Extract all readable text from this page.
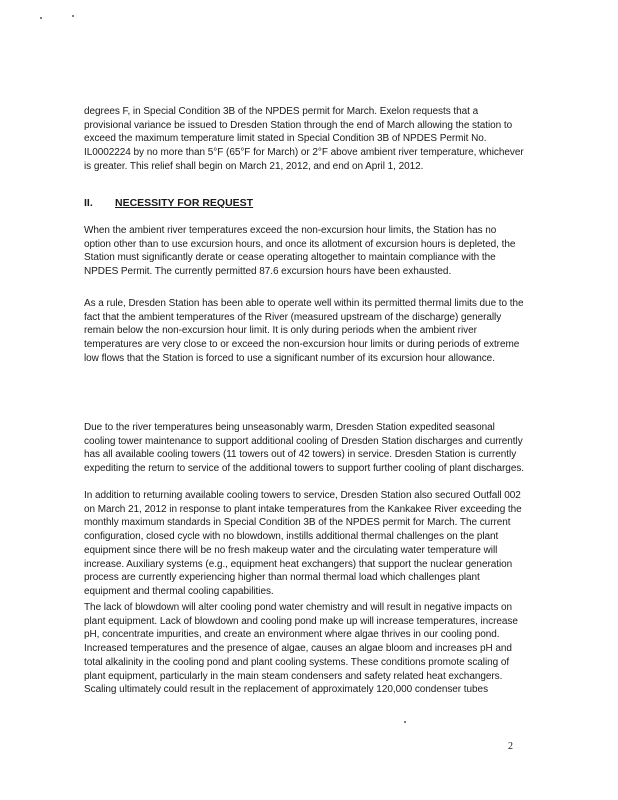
degrees F, in Special Condition 3B of the NPDES permit for March. Exelon requests that a provisional variance be issued to Dresden Station through the end of March allowing the station to exceed the maximum temperature limit stated in Special Condition 3B of NPDES Permit No. IL0002224 by no more than 5°F (65°F for March) or 2°F above ambient river temperature, whichever is greater. This relief shall begin on March 21, 2012, and end on April 1, 2012.
II. NECESSITY FOR REQUEST
When the ambient river temperatures exceed the non-excursion hour limits, the Station has no option other than to use excursion hours, and once its allotment of excursion hours is depleted, the Station must significantly derate or cease operating altogether to maintain compliance with the NPDES Permit. The currently permitted 87.6 excursion hours have been exhausted.
As a rule, Dresden Station has been able to operate well within its permitted thermal limits due to the fact that the ambient temperatures of the River (measured upstream of the discharge) generally remain below the non-excursion hour limit. It is only during periods when the ambient river temperatures are very close to or exceed the non-excursion hour limits or during periods of extreme low flows that the Station is forced to use a significant number of its excursion hour allowance.
Due to the river temperatures being unseasonably warm, Dresden Station expedited seasonal cooling tower maintenance to support additional cooling of Dresden Station discharges and currently has all available cooling towers (11 towers out of 42 towers) in service. Dresden Station is currently expediting the return to service of the additional towers to support further cooling of plant discharges.
In addition to returning available cooling towers to service, Dresden Station also secured Outfall 002 on March 21, 2012 in response to plant intake temperatures from the Kankakee River exceeding the monthly maximum standards in Special Condition 3B of the NPDES permit for March. The current configuration, closed cycle with no blowdown, instills additional thermal challenges on the plant equipment since there will be no fresh makeup water and the circulating water temperature will increase. Auxiliary systems (e.g., equipment heat exchangers) that support the nuclear generation process are currently experiencing higher than normal thermal load which challenges plant equipment and thermal cooling capabilities.
The lack of blowdown will alter cooling pond water chemistry and will result in negative impacts on plant equipment. Lack of blowdown and cooling pond make up will increase temperatures, increase pH, concentrate impurities, and create an environment where algae thrives in our cooling pond. Increased temperatures and the presence of algae, causes an algae bloom and increases pH and total alkalinity in the cooling pond and plant cooling systems. These conditions promote scaling of plant equipment, particularly in the main steam condensers and safety related heat exchangers. Scaling ultimately could result in the replacement of approximately 120,000 condenser tubes
2
